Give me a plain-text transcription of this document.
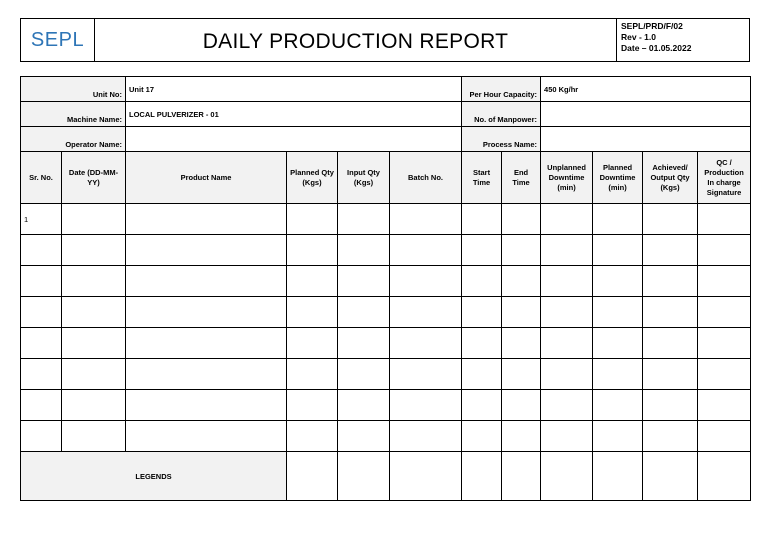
SEPL	DAILY PRODUCTION REPORT
SEPL/PRD/F/02
Rev - 1.0
Date – 01.05.2022
Unit No:		Unit 17				Per Hour Capacity:		450 Kg/hr			
Machine Name:		LOCAL PULVERIZER - 01				No. of Manpower:					
Operator Name:						Process Name:					
Sr. No.	Date (DD-MM-YY)	Product Name	Planned Qty (Kgs)	Input Qty (Kgs)	Batch No.	Start Time	End Time	Unplanned Downtime (min)	Planned Downtime (min)	Achieved/ Output Qty (Kgs)	QC / Production In charge Signature
1											

LEGENDS											
